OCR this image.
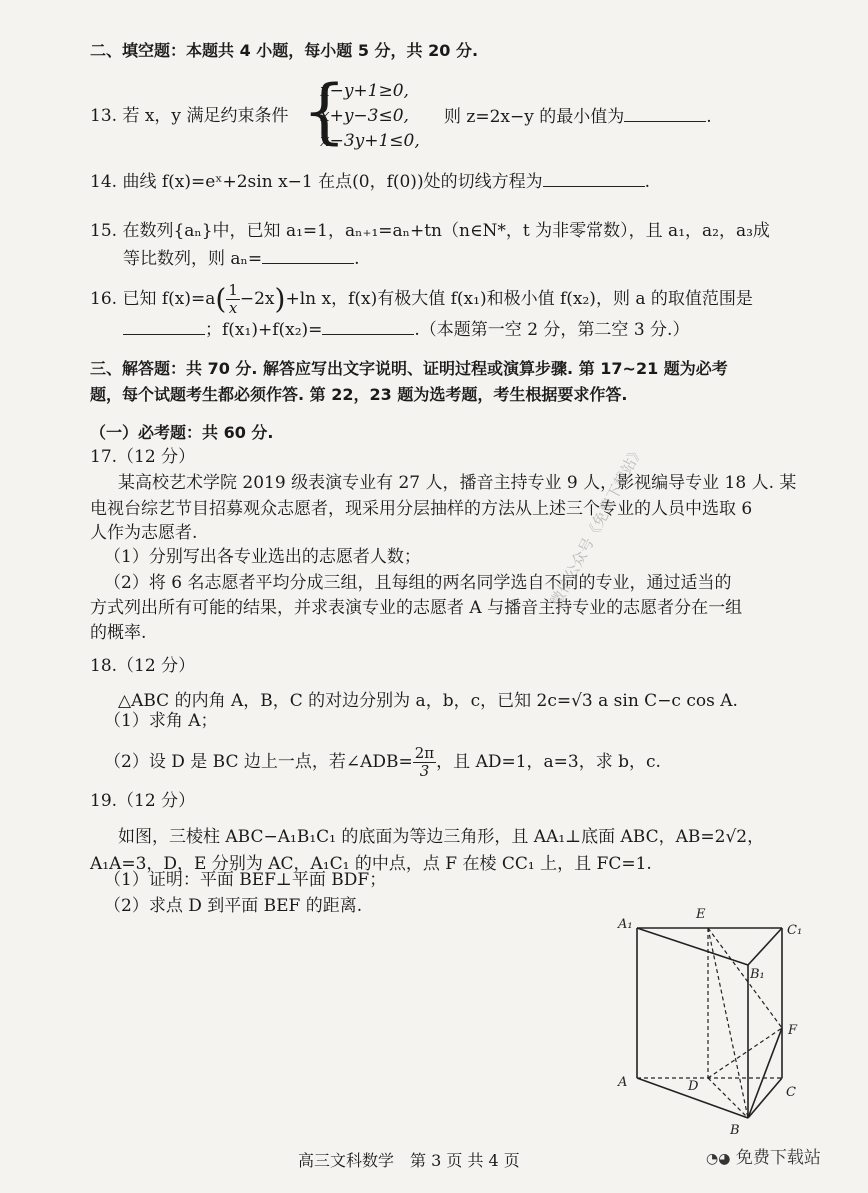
二、填空题：本题共 4 小题，每小题 5 分，共 20 分.
13. 若 x，y 满足约束条件 {
x−y+1≥0,
x+y−3≤0,
x−3y+1≤0,
则 z=2x−y 的最小值为	.
14. 曲线 f(x)=eˣ+2sin x−1 在点(0，f(0))处的切线方程为	.
15. 在数列{aₙ}中，已知 a₁=1，aₙ₊₁=aₙ+tn（n∈N*，t 为非零常数），且 a₁，a₂，a₃成
等比数列，则 aₙ=	.
16. 已知 $f(x)=a( \frac{1}{x} -2x)+\ln$ x，f(x)有极大值 f(x₁)和极小值 f(x₂)，则 a 的取值范围是
；f(x₁)+f(x₂)=	.（本题第一空 2 分，第二空 3 分.）
三、解答题：共 70 分. 解答应写出文字说明、证明过程或演算步骤. 第 17~21 题为必考
题，每个试题考生都必须作答. 第 22，23 题为选考题，考生根据要求作答.
（一）必考题：共 60 分.
17.（12 分）
某高校艺术学院 2019 级表演专业有 27 人，播音主持专业 9 人，影视编导专业 18 人. 某
电视台综艺节目招募观众志愿者，现采用分层抽样的方法从上述三个专业的人员中选取 6
人作为志愿者.
（1）分别写出各专业选出的志愿者人数；
（2）将 6 名志愿者平均分成三组，且每组的两名同学选自不同的专业，通过适当的
方式列出所有可能的结果，并求表演专业的志愿者 A 与播音主持专业的志愿者分在一组
的概率.
18.（12 分）
△ABC 的内角 A，B，C 的对边分别为 a，b，c，已知 2c=√3 a sin C−c cos A.
（1）求角 A；
（2）设 D 是 BC 边上一点，若∠ADB= $\frac{2\pi}{3}$ ，且 AD=1，a=3，求 b，c.
19.（12 分）
如图，三棱柱 ABC−A₁B₁C₁ 的底面为等边三角形，且 AA₁⊥底面 ABC，AB=2√2，
A₁A=3，D，E 分别为 AC，A₁C₁ 的中点，点 F 在棱 CC₁ 上，且 FC=1.
（1）证明：平面 BEF⊥平面 BDF；
（2）求点 D 到平面 BEF 的距离.
A₁
E
C₁
B₁
F
A	D	C
B
微信公众号《免费下载站》
高三文科数学　第 3 页 共 4 页	◔◕ 免费下载站
